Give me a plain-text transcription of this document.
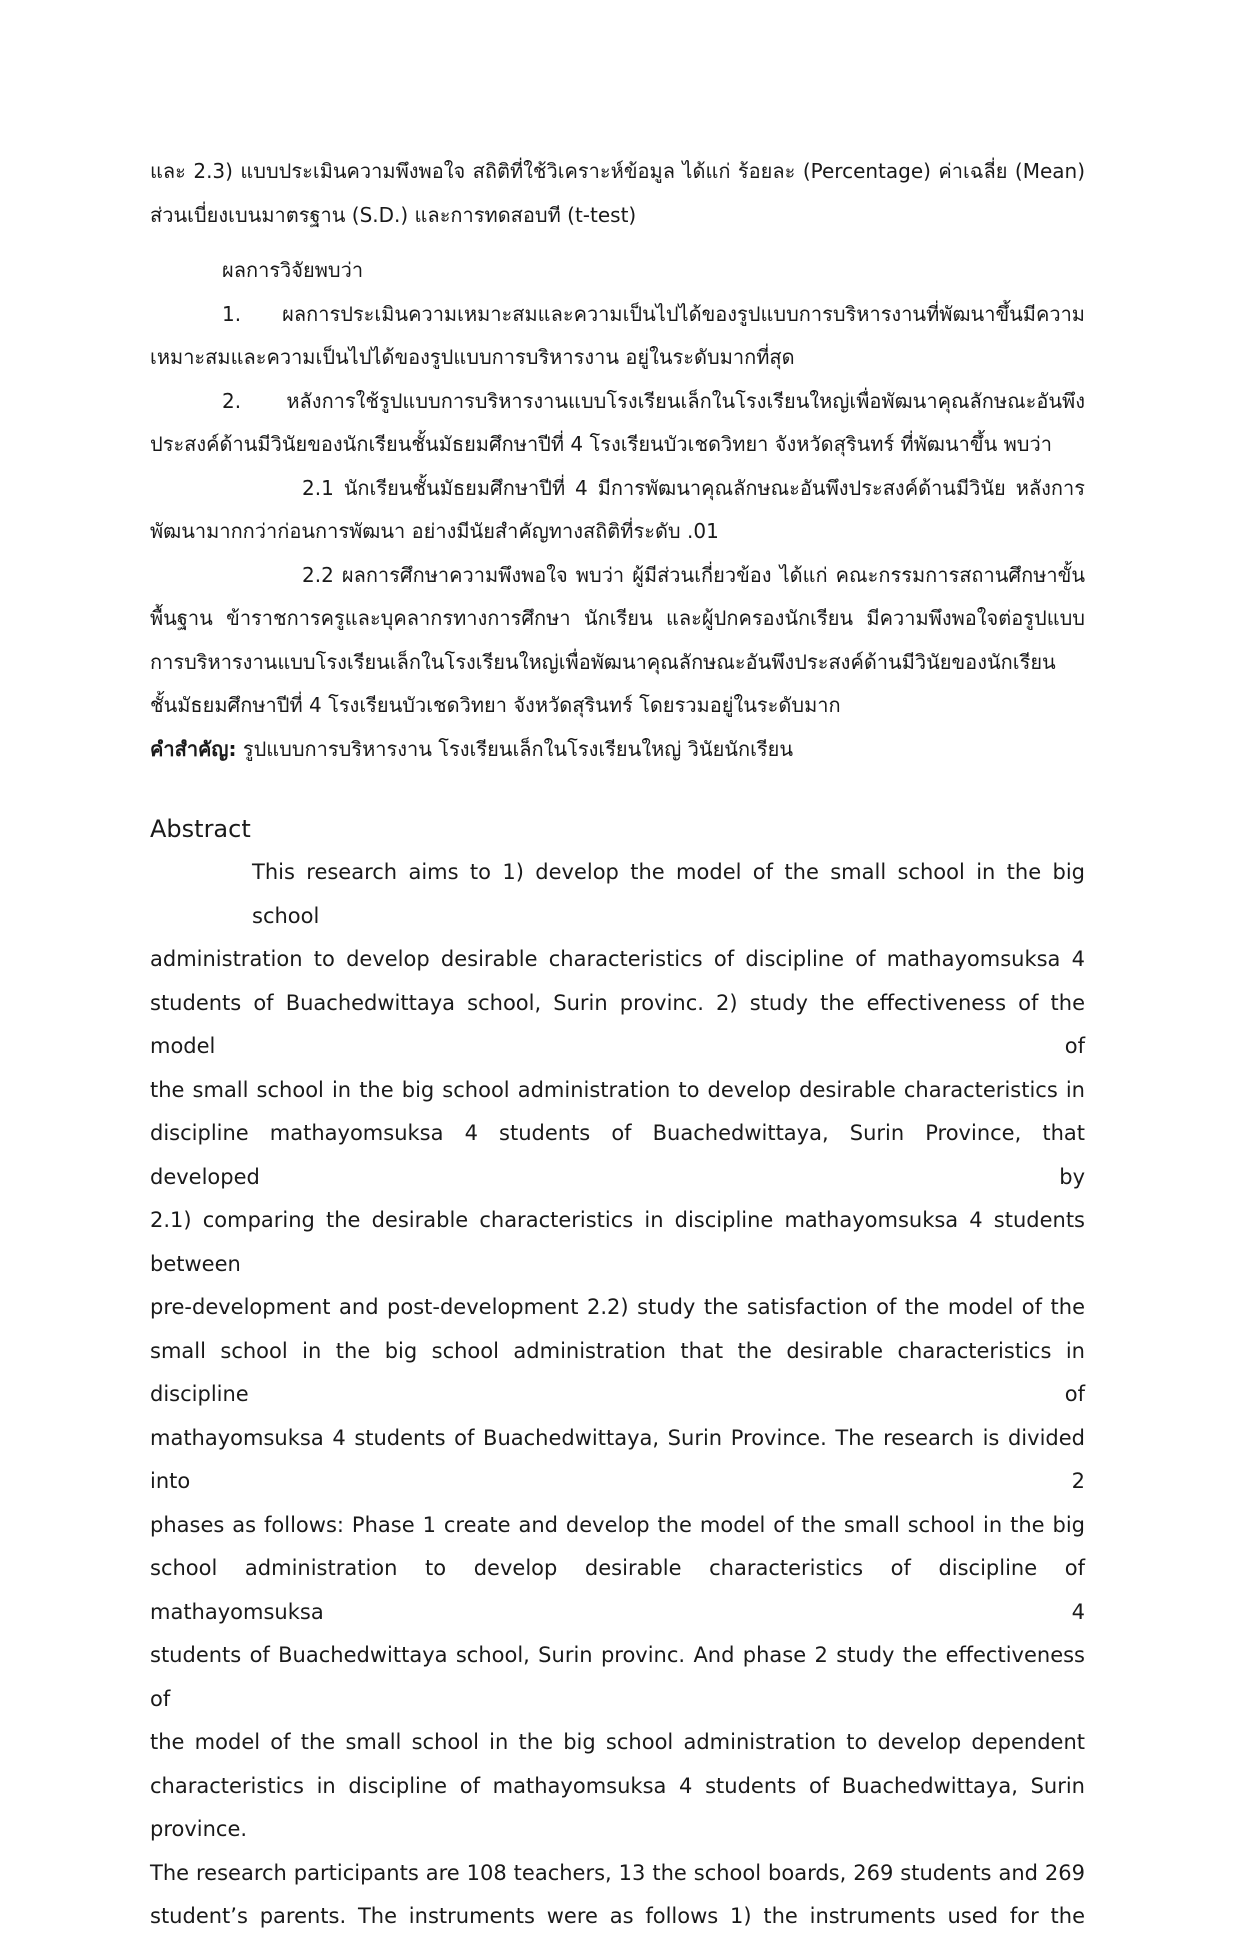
และ 2.3) แบบประเมินความพึงพอใจ สถิติที่ใช้วิเคราะห์ข้อมูล ได้แก่ ร้อยละ (Percentage) ค่าเฉลี่ย (Mean)
ส่วนเบี่ยงเบนมาตรฐาน (S.D.) และการทดสอบที (t-test)
ผลการวิจัยพบว่า
1. ผลการประเมินความเหมาะสมและความเป็นไปได้ของรูปแบบการบริหารงานที่พัฒนาขึ้นมีความ
เหมาะสมและความเป็นไปได้ของรูปแบบการบริหารงาน อยู่ในระดับมากที่สุด
2. หลังการใช้รูปแบบการบริหารงานแบบโรงเรียนเล็กในโรงเรียนใหญ่เพื่อพัฒนาคุณลักษณะอันพึง
ประสงค์ด้านมีวินัยของนักเรียนชั้นมัธยมศึกษาปีที่ 4 โรงเรียนบัวเชดวิทยา จังหวัดสุรินทร์ ที่พัฒนาขึ้น พบว่า
2.1 นักเรียนชั้นมัธยมศึกษาปีที่ 4 มีการพัฒนาคุณลักษณะอันพึงประสงค์ด้านมีวินัย หลังการ
พัฒนามากกว่าก่อนการพัฒนา อย่างมีนัยสำคัญทางสถิติที่ระดับ .01
2.2 ผลการศึกษาความพึงพอใจ พบว่า ผู้มีส่วนเกี่ยวข้อง ได้แก่ คณะกรรมการสถานศึกษาขั้น
พื้นฐาน ข้าราชการครูและบุคลากรทางการศึกษา นักเรียน และผู้ปกครองนักเรียน มีความพึงพอใจต่อรูปแบบ
การบริหารงานแบบโรงเรียนเล็กในโรงเรียนใหญ่เพื่อพัฒนาคุณลักษณะอันพึงประสงค์ด้านมีวินัยของนักเรียน
ชั้นมัธยมศึกษาปีที่ 4 โรงเรียนบัวเชดวิทยา จังหวัดสุรินทร์ โดยรวมอยู่ในระดับมาก
คำสำคัญ: รูปแบบการบริหารงาน โรงเรียนเล็กในโรงเรียนใหญ่ วินัยนักเรียน
Abstract
This research aims to 1) develop the model of the small school in the big school
administration to develop desirable characteristics of discipline of mathayomsuksa 4
students of Buachedwittaya school, Surin provinc. 2) study the effectiveness of the model of
the small school in the big school administration to develop desirable characteristics in
discipline mathayomsuksa 4 students of Buachedwittaya, Surin Province, that developed by
2.1) comparing the desirable characteristics in discipline mathayomsuksa 4 students between
pre-development and post-development 2.2) study the satisfaction of the model of the
small school in the big school administration that the desirable characteristics in discipline of
mathayomsuksa 4 students of Buachedwittaya, Surin Province. The research is divided into 2
phases as follows: Phase 1 create and develop the model of the small school in the big
school administration to develop desirable characteristics of discipline of mathayomsuksa 4
students of Buachedwittaya school, Surin provinc. And phase 2 study the effectiveness of
the model of the small school in the big school administration to develop dependent
characteristics in discipline of mathayomsuksa 4 students of Buachedwittaya, Surin province.
The research participants are 108 teachers, 13 the school boards, 269 students and 269
student’s parents. The instruments were as follows 1) the instruments used for the
